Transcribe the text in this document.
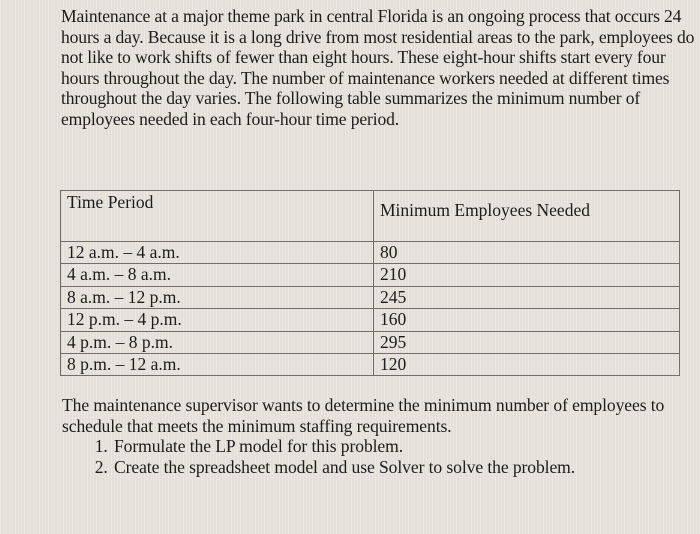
Maintenance at a major theme park in central Florida is an ongoing process that occurs 24 hours a day. Because it is a long drive from most residential areas to the park, employees do not like to work shifts of fewer than eight hours. These eight-hour shifts start every four hours throughout the day. The number of maintenance workers needed at different times throughout the day varies. The following table summarizes the minimum number of employees needed in each four-hour time period.

Time Period	Minimum Employees Needed
12 a.m. – 4 a.m.	80
4 a.m. – 8 a.m.	210
8 a.m. – 12 p.m.	245
12 p.m. – 4 p.m.	160
4 p.m. – 8 p.m.	295
8 p.m. – 12 a.m.	120

The maintenance supervisor wants to determine the minimum number of employees to schedule that meets the minimum staffing requirements.

1. Formulate the LP model for this problem.
2. Create the spreadsheet model and use Solver to solve the problem.
